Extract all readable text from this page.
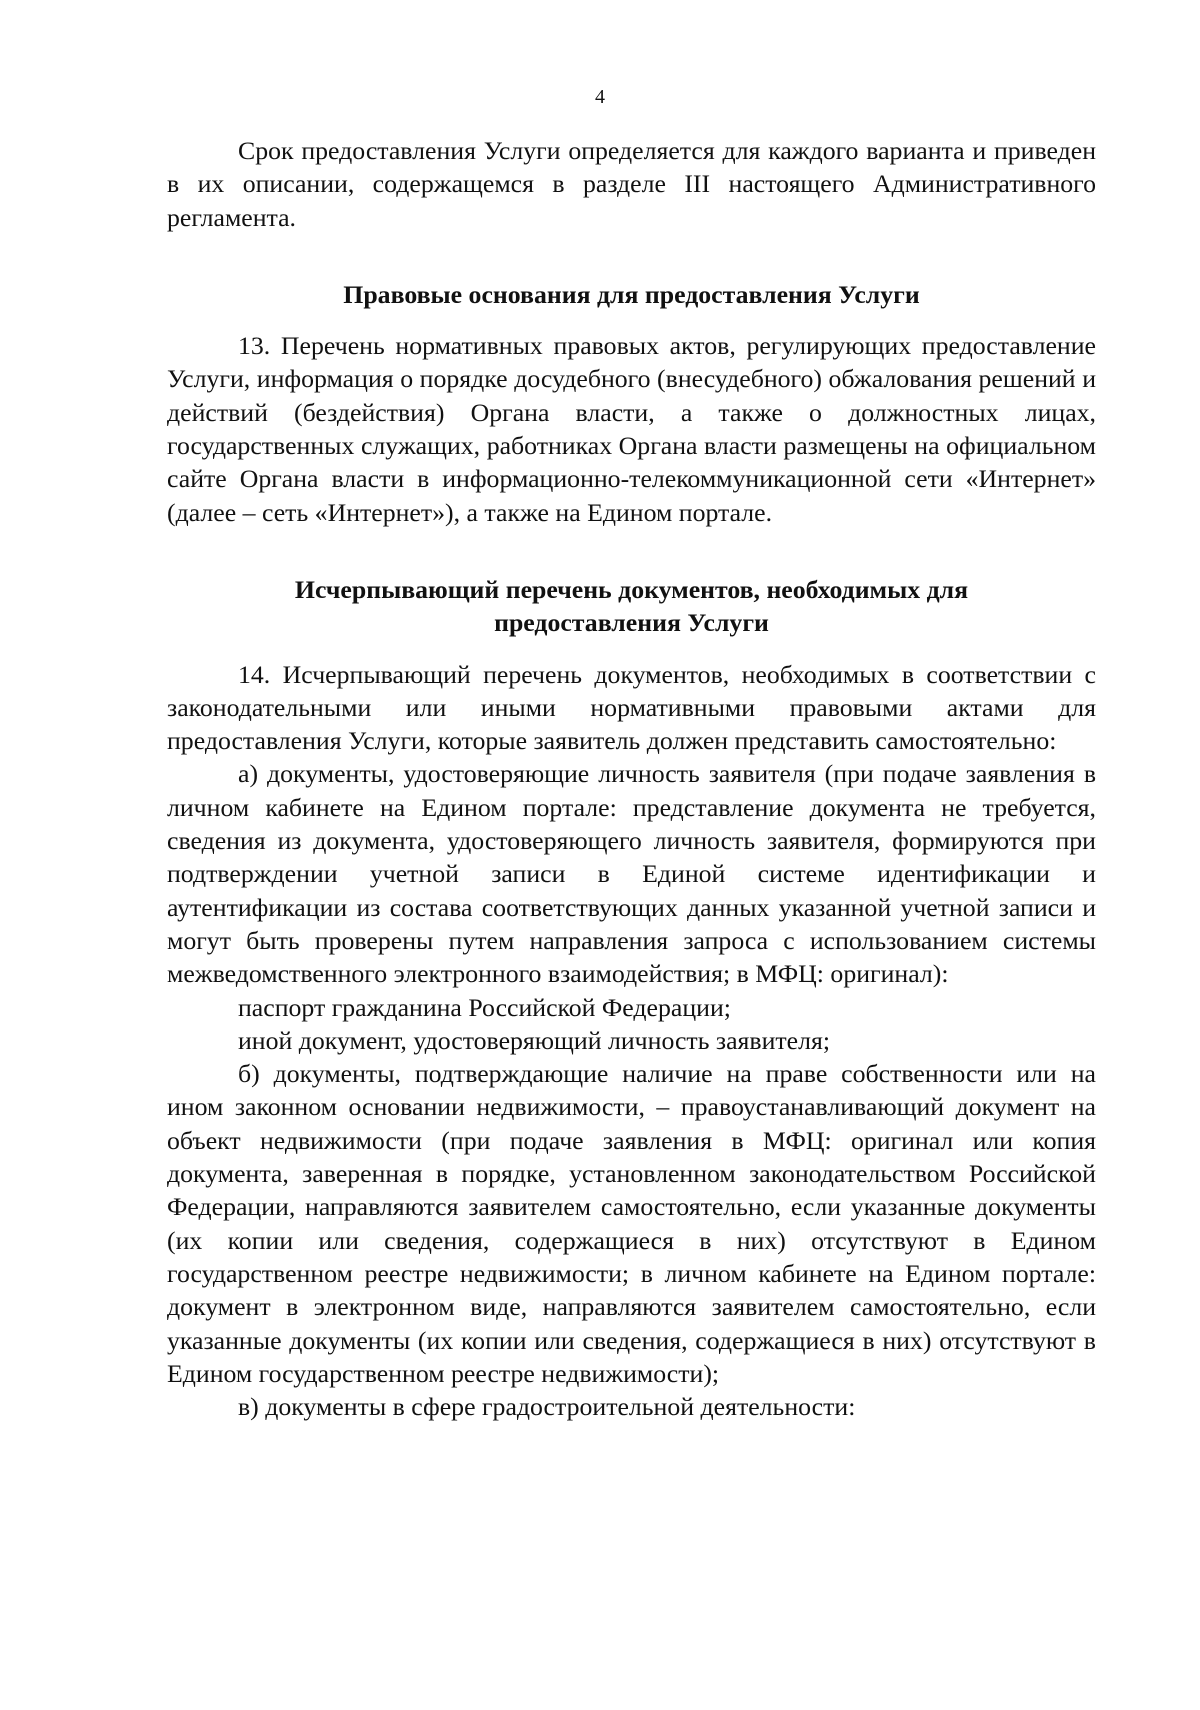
4

Срок предоставления Услуги определяется для каждого варианта и приведен в их описании, содержащемся в разделе III настоящего Административного регламента.

Правовые основания для предоставления Услуги

13. Перечень нормативных правовых актов, регулирующих предоставление Услуги, информация о порядке досудебного (внесудебного) обжалования решений и действий (бездействия) Органа власти, а также о должностных лицах, государственных служащих, работниках Органа власти размещены на официальном сайте Органа власти в информационно-телекоммуникационной сети «Интернет» (далее – сеть «Интернет»), а также на Едином портале.

Исчерпывающий перечень документов, необходимых для предоставления Услуги

14. Исчерпывающий перечень документов, необходимых в соответствии с законодательными или иными нормативными правовыми актами для предоставления Услуги, которые заявитель должен представить самостоятельно:

а) документы, удостоверяющие личность заявителя (при подаче заявления в личном кабинете на Едином портале: представление документа не требуется, сведения из документа, удостоверяющего личность заявителя, формируются при подтверждении учетной записи в Единой системе идентификации и аутентификации из состава соответствующих данных указанной учетной записи и могут быть проверены путем направления запроса с использованием системы межведомственного электронного взаимодействия; в МФЦ: оригинал):

паспорт гражданина Российской Федерации;

иной документ, удостоверяющий личность заявителя;

б) документы, подтверждающие наличие на праве собственности или на ином законном основании недвижимости, – правоустанавливающий документ на объект недвижимости (при подаче заявления в МФЦ: оригинал или копия документа, заверенная в порядке, установленном законодательством Российской Федерации, направляются заявителем самостоятельно, если указанные документы (их копии или сведения, содержащиеся в них) отсутствуют в Едином государственном реестре недвижимости; в личном кабинете на Едином портале: документ в электронном виде, направляются заявителем самостоятельно, если указанные документы (их копии или сведения, содержащиеся в них) отсутствуют в Едином государственном реестре недвижимости);

в) документы в сфере градостроительной деятельности:
